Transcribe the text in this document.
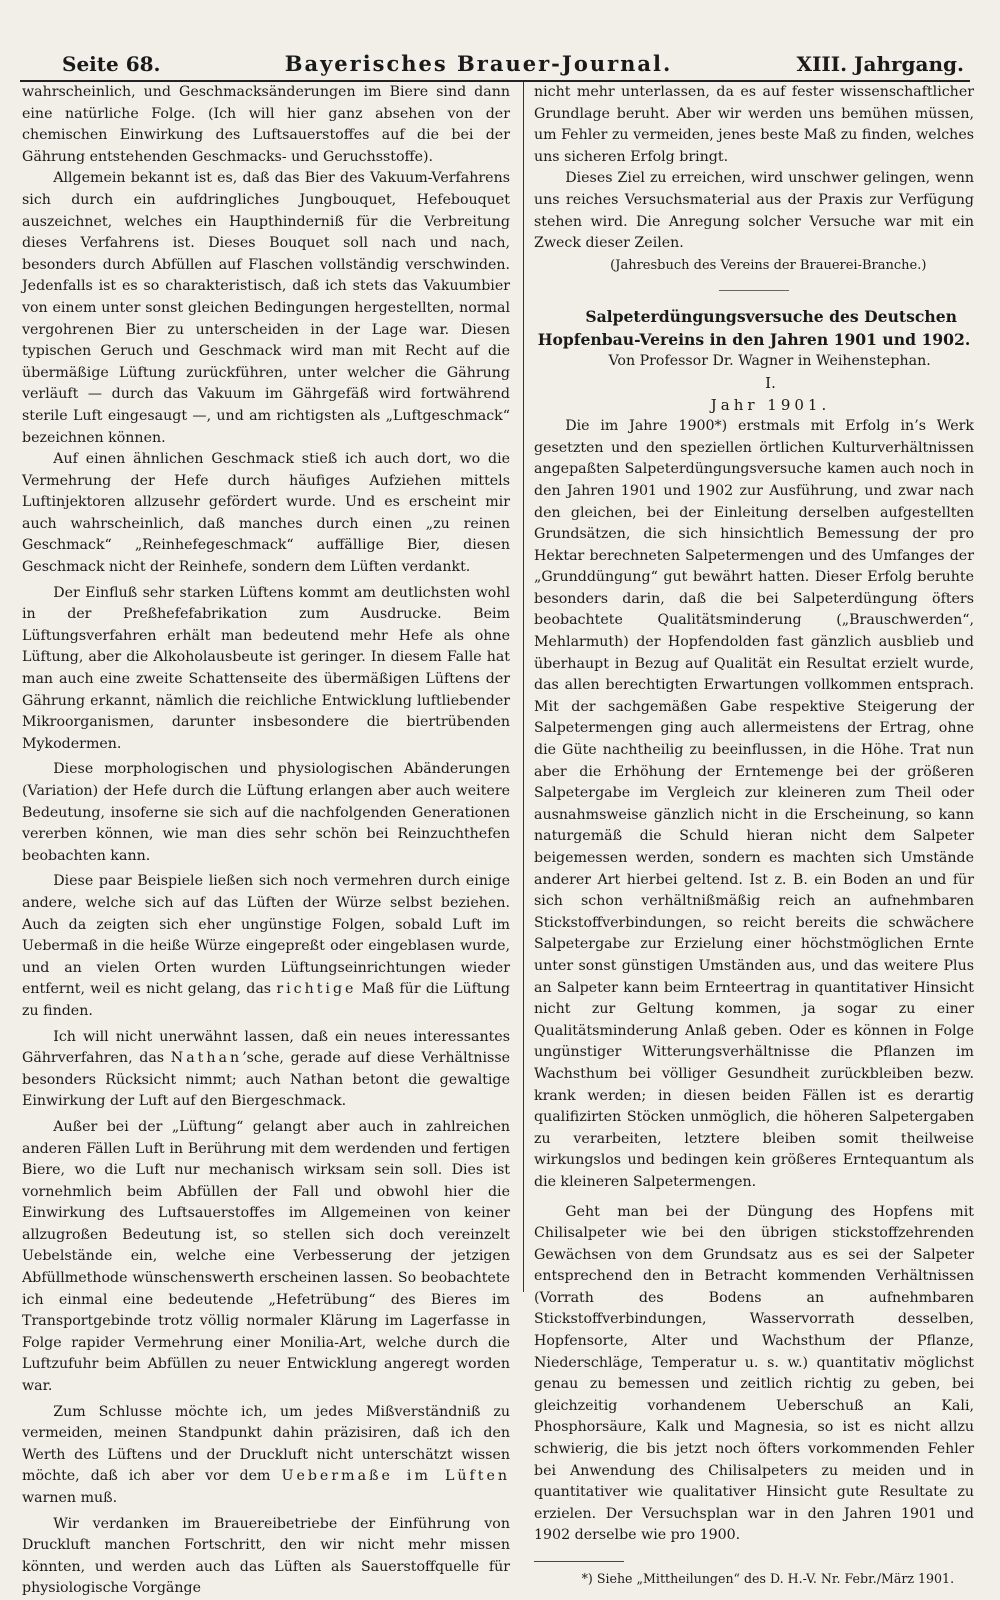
Seite 68.	Bayerisches Brauer-Journal.	XIII. Jahrgang.

wahrscheinlich, und Geschmacksänderungen im Biere sind dann eine natürliche Folge. (Ich will hier ganz absehen von der chemischen Einwirkung des Luftsauerstoffes auf die bei der Gährung entstehenden Geschmacks- und Geruchsstoffe).

Allgemein bekannt ist es, daß das Bier des Vakuum-Verfahrens sich durch ein aufdringliches Jungbouquet, Hefebouquet auszeichnet, welches ein Haupthinderniß für die Verbreitung dieses Verfahrens ist. Dieses Bouquet soll nach und nach, besonders durch Abfüllen auf Flaschen vollständig verschwinden. Jedenfalls ist es so charakteristisch, daß ich stets das Vakuumbier von einem unter sonst gleichen Bedingungen hergestellten, normal vergohrenen Bier zu unterscheiden in der Lage war. Diesen typischen Geruch und Geschmack wird man mit Recht auf die übermäßige Lüftung zurückführen, unter welcher die Gährung verläuft — durch das Vakuum im Gährgefäß wird fortwährend sterile Luft eingesaugt —, und am richtigsten als „Luftgeschmack“ bezeichnen können.

Auf einen ähnlichen Geschmack stieß ich auch dort, wo die Vermehrung der Hefe durch häufiges Aufziehen mittels Luftinjektoren allzusehr gefördert wurde. Und es erscheint mir auch wahrscheinlich, daß manches durch einen „zu reinen Geschmack“ „Reinhefegeschmack“ auffällige Bier, diesen Geschmack nicht der Reinhefe, sondern dem Lüften verdankt.

Der Einfluß sehr starken Lüftens kommt am deutlichsten wohl in der Preßhefefabrikation zum Ausdrucke. Beim Lüftungsverfahren erhält man bedeutend mehr Hefe als ohne Lüftung, aber die Alkoholausbeute ist geringer. In diesem Falle hat man auch eine zweite Schattenseite des übermäßigen Lüftens der Gährung erkannt, nämlich die reichliche Entwicklung luftliebender Mikroorganismen, darunter insbesondere die biertrübenden Mykodermen.

Diese morphologischen und physiologischen Abänderungen (Variation) der Hefe durch die Lüftung erlangen aber auch weitere Bedeutung, insoferne sie sich auf die nachfolgenden Generationen vererben können, wie man dies sehr schön bei Reinzuchthefen beobachten kann.

Diese paar Beispiele ließen sich noch vermehren durch einige andere, welche sich auf das Lüften der Würze selbst beziehen. Auch da zeigten sich eher ungünstige Folgen, sobald Luft im Uebermaß in die heiße Würze eingepreßt oder eingeblasen wurde, und an vielen Orten wurden Lüftungseinrichtungen wieder entfernt, weil es nicht gelang, das richtige Maß für die Lüftung zu finden.

Ich will nicht unerwähnt lassen, daß ein neues interessantes Gährverfahren, das Nathan’sche, gerade auf diese Verhältnisse besonders Rücksicht nimmt; auch Nathan betont die gewaltige Einwirkung der Luft auf den Biergeschmack.

Außer bei der „Lüftung“ gelangt aber auch in zahlreichen anderen Fällen Luft in Berührung mit dem werdenden und fertigen Biere, wo die Luft nur mechanisch wirksam sein soll. Dies ist vornehmlich beim Abfüllen der Fall und obwohl hier die Einwirkung des Luftsauerstoffes im Allgemeinen von keiner allzugroßen Bedeutung ist, so stellen sich doch vereinzelt Uebelstände ein, welche eine Verbesserung der jetzigen Abfüllmethode wünschenswerth erscheinen lassen. So beobachtete ich einmal eine bedeutende „Hefetrübung“ des Bieres im Transportgebinde trotz völlig normaler Klärung im Lagerfasse in Folge rapider Vermehrung einer Monilia-Art, welche durch die Luftzufuhr beim Abfüllen zu neuer Entwicklung angeregt worden war.

Zum Schlusse möchte ich, um jedes Mißverständniß zu vermeiden, meinen Standpunkt dahin präzisiren, daß ich den Werth des Lüftens und der Druckluft nicht unterschätzt wissen möchte, daß ich aber vor dem Uebermaße im Lüften warnen muß.

Wir verdanken im Brauereibetriebe der Einführung von Druckluft manchen Fortschritt, den wir nicht mehr missen könnten, und werden auch das Lüften als Sauerstoffquelle für physiologische Vorgänge

nicht mehr unterlassen, da es auf fester wissenschaftlicher Grundlage beruht. Aber wir werden uns bemühen müssen, um Fehler zu vermeiden, jenes beste Maß zu finden, welches uns sicheren Erfolg bringt.

Dieses Ziel zu erreichen, wird unschwer gelingen, wenn uns reiches Versuchsmaterial aus der Praxis zur Verfügung stehen wird. Die Anregung solcher Versuche war mit ein Zweck dieser Zeilen.

(Jahresbuch des Vereins der Brauerei-Branche.)

Salpeterdüngungsversuche des Deutschen Hopfenbau-Vereins in den Jahren 1901 und 1902.

Von Professor Dr. Wagner in Weihenstephan.

I.

Jahr 1901.

Die im Jahre 1900*) erstmals mit Erfolg in’s Werk gesetzten und den speziellen örtlichen Kulturverhältnissen angepaßten Salpeterdüngungsversuche kamen auch noch in den Jahren 1901 und 1902 zur Ausführung, und zwar nach den gleichen, bei der Einleitung derselben aufgestellten Grundsätzen, die sich hinsichtlich Bemessung der pro Hektar berechneten Salpetermengen und des Umfanges der „Grunddüngung“ gut bewährt hatten. Dieser Erfolg beruhte besonders darin, daß die bei Salpeterdüngung öfters beobachtete Qualitätsminderung („Brauschwerden“, Mehlarmuth) der Hopfendolden fast gänzlich ausblieb und überhaupt in Bezug auf Qualität ein Resultat erzielt wurde, das allen berechtigten Erwartungen vollkommen entsprach. Mit der sachgemäßen Gabe respektive Steigerung der Salpetermengen ging auch allermeistens der Ertrag, ohne die Güte nachtheilig zu beeinflussen, in die Höhe. Trat nun aber die Erhöhung der Erntemenge bei der größeren Salpetergabe im Vergleich zur kleineren zum Theil oder ausnahmsweise gänzlich nicht in die Erscheinung, so kann naturgemäß die Schuld hieran nicht dem Salpeter beigemessen werden, sondern es machten sich Umstände anderer Art hierbei geltend. Ist z. B. ein Boden an und für sich schon verhältnißmäßig reich an aufnehmbaren Stickstoffverbindungen, so reicht bereits die schwächere Salpetergabe zur Erzielung einer höchstmöglichen Ernte unter sonst günstigen Umständen aus, und das weitere Plus an Salpeter kann beim Ernteertrag in quantitativer Hinsicht nicht zur Geltung kommen, ja sogar zu einer Qualitätsminderung Anlaß geben. Oder es können in Folge ungünstiger Witterungsverhältnisse die Pflanzen im Wachsthum bei völliger Gesundheit zurückbleiben bezw. krank werden; in diesen beiden Fällen ist es derartig qualifizirten Stöcken unmöglich, die höheren Salpetergaben zu verarbeiten, letztere bleiben somit theilweise wirkungslos und bedingen kein größeres Erntequantum als die kleineren Salpetermengen.

Geht man bei der Düngung des Hopfens mit Chilisalpeter wie bei den übrigen stickstoffzehrenden Gewächsen von dem Grundsatz aus es sei der Salpeter entsprechend den in Betracht kommenden Verhältnissen (Vorrath des Bodens an aufnehmbaren Stickstoffverbindungen, Wasservorrath desselben, Hopfensorte, Alter und Wachsthum der Pflanze, Niederschläge, Temperatur u. s. w.) quantitativ möglichst genau zu bemessen und zeitlich richtig zu geben, bei gleichzeitig vorhandenem Ueberschuß an Kali, Phosphorsäure, Kalk und Magnesia, so ist es nicht allzu schwierig, die bis jetzt noch öfters vorkommenden Fehler bei Anwendung des Chilisalpeters zu meiden und in quantitativer wie qualitativer Hinsicht gute Resultate zu erzielen. Der Versuchsplan war in den Jahren 1901 und 1902 derselbe wie pro 1900.

*) Siehe „Mittheilungen“ des D. H.-V. Nr. Febr./März 1901.
